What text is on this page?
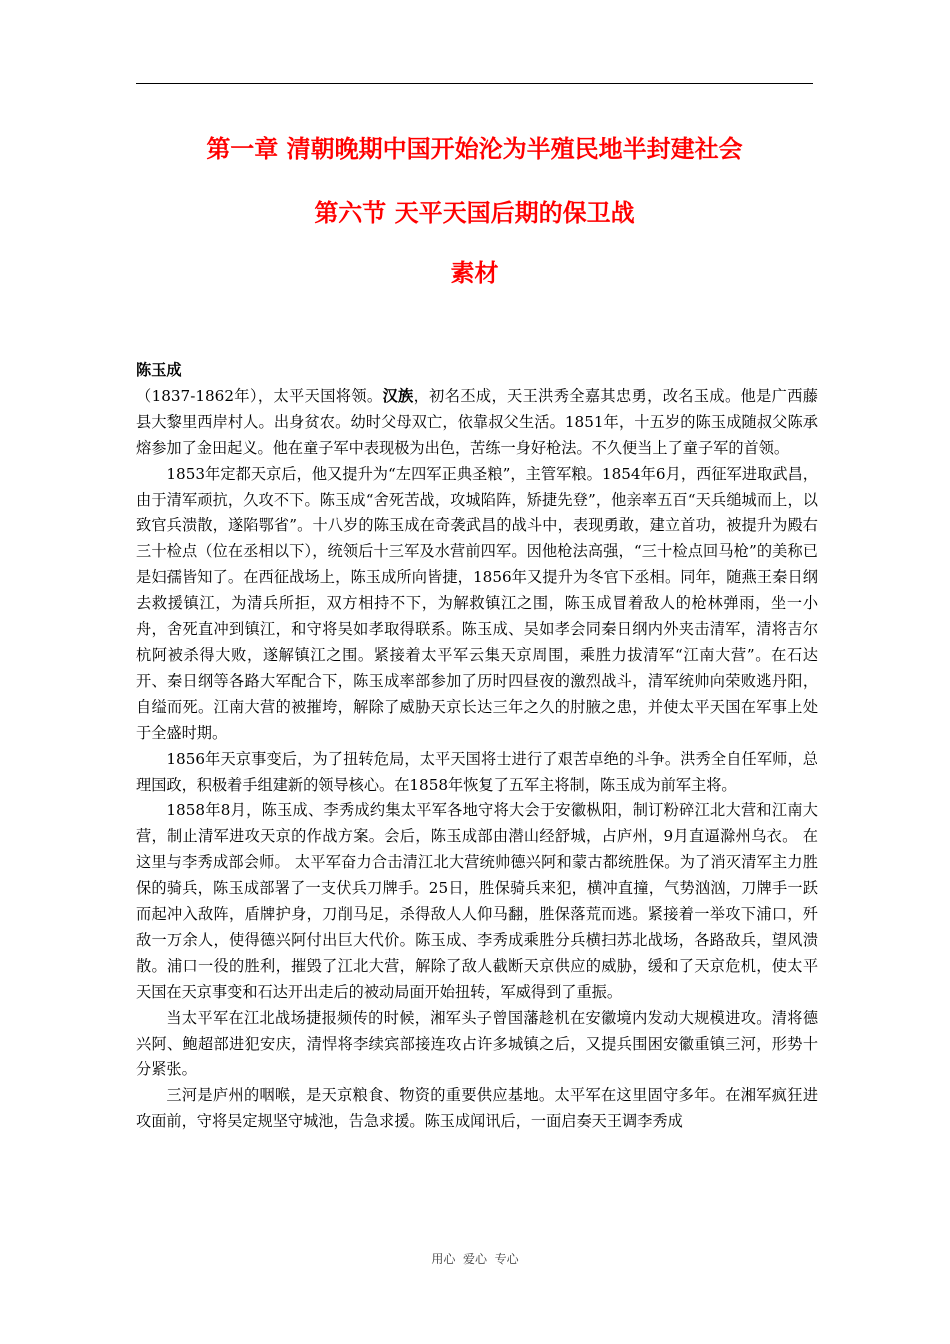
第一章 清朝晚期中国开始沦为半殖民地半封建社会
第六节 天平天国后期的保卫战
素材
陈玉成

（1837-1862年），太平天国将领。汉族，初名丕成，天王洪秀全嘉其忠勇，改名玉成。他是广西藤县大黎里西岸村人。出身贫农。幼时父母双亡，依靠叔父生活。1851年，十五岁的陈玉成随叔父陈承熔参加了金田起义。他在童子军中表现极为出色，苦练一身好枪法。不久便当上了童子军的首领。

1853年定都天京后，他又提升为“左四军正典圣粮”，主管军粮。1854年6月，西征军进取武昌，由于清军顽抗，久攻不下。陈玉成“舍死苦战，攻城陷阵，矫捷先登”，他亲率五百“天兵缒城而上，以致官兵溃散，遂陷鄂省”。十八岁的陈玉成在奇袭武昌的战斗中，表现勇敢，建立首功，被提升为殿右三十检点（位在丞相以下），统领后十三军及水营前四军。因他枪法高强，“三十检点回马枪”的美称已是妇孺皆知了。在西征战场上，陈玉成所向皆捷，1856年又提升为冬官下丞相。同年，随燕王秦日纲去救援镇江，为清兵所拒，双方相持不下，为解救镇江之围，陈玉成冒着敌人的枪林弹雨，坐一小舟，舍死直冲到镇江，和守将吴如孝取得联系。陈玉成、吴如孝会同秦日纲内外夹击清军，清将吉尔杭阿被杀得大败，遂解镇江之围。紧接着太平军云集天京周围，乘胜力拔清军“江南大营”。在石达开、秦日纲等各路大军配合下，陈玉成率部参加了历时四昼夜的激烈战斗，清军统帅向荣败逃丹阳，自缢而死。江南大营的被摧垮，解除了威胁天京长达三年之久的肘腋之患，并使太平天国在军事上处于全盛时期。

1856年天京事变后，为了扭转危局，太平天国将士进行了艰苦卓绝的斗争。洪秀全自任军师，总理国政，积极着手组建新的领导核心。在1858年恢复了五军主将制，陈玉成为前军主将。

1858年8月，陈玉成、李秀成约集太平军各地守将大会于安徽枞阳，制订粉碎江北大营和江南大营，制止清军进攻天京的作战方案。会后，陈玉成部由潜山经舒城，占庐州，9月直逼滁州乌衣。 在这里与李秀成部会师。 太平军奋力合击清江北大营统帅德兴阿和蒙古都统胜保。为了消灭清军主力胜保的骑兵，陈玉成部署了一支伏兵刀牌手。25日，胜保骑兵来犯，横冲直撞，气势汹汹，刀牌手一跃而起冲入敌阵，盾牌护身，刀削马足，杀得敌人人仰马翻，胜保落荒而逃。紧接着一举攻下浦口，歼敌一万余人，使得德兴阿付出巨大代价。陈玉成、李秀成乘胜分兵横扫苏北战场，各路敌兵，望风溃散。浦口一役的胜利，摧毁了江北大营，解除了敌人截断天京供应的威胁，缓和了天京危机，使太平天国在天京事变和石达开出走后的被动局面开始扭转，军威得到了重振。

当太平军在江北战场捷报频传的时候，湘军头子曾国藩趁机在安徽境内发动大规模进攻。清将德兴阿、鲍超部进犯安庆，清悍将李续宾部接连攻占许多城镇之后，又提兵围困安徽重镇三河，形势十分紧张。

三河是庐州的咽喉，是天京粮食、物资的重要供应基地。太平军在这里固守多年。在湘军疯狂进攻面前，守将吴定规坚守城池，告急求援。陈玉成闻讯后，一面启奏天王调李秀成

用心  爱心  专心
